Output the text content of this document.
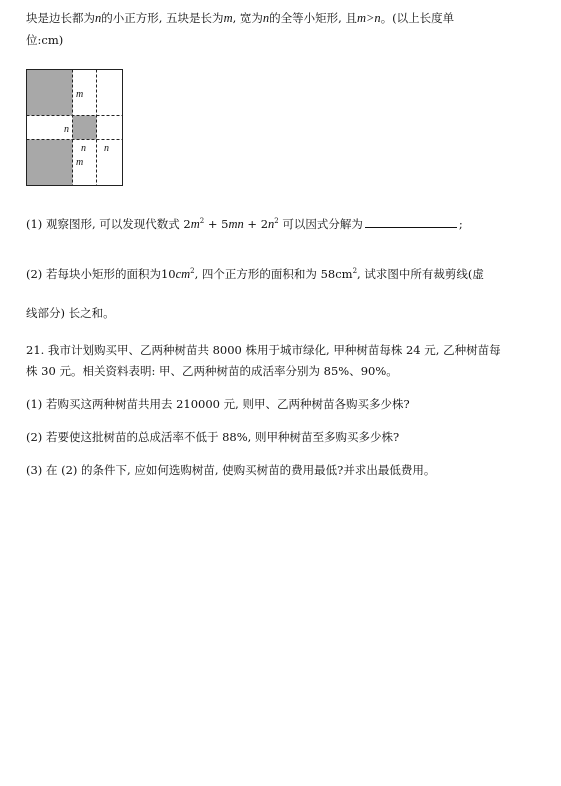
块是边长都为n的小正方形, 五块是长为m, 宽为n的全等小矩形, 且m>n。(以上长度单
位:cm)
m
n
n n
m
(1) 观察图形, 可以发现代数式 $2m^2 + 5mn + 2n^2$ 可以因式分解为	;
(2) 若每块小矩形的面积为$10cm^2$, 四个正方形的面积和为 $58cm^2$, 试求图中所有裁剪线(虚
线部分) 长之和。
21. 我市计划购买甲、乙两种树苗共 8000 株用于城市绿化, 甲种树苗每株 24 元, 乙种树苗每
株 30 元。相关资料表明: 甲、乙两种树苗的成活率分别为 85%、90%。
(1) 若购买这两种树苗共用去 210000 元, 则甲、乙两种树苗各购买多少株?
(2) 若要使这批树苗的总成活率不低于 88%, 则甲种树苗至多购买多少株?
(3) 在 (2) 的条件下, 应如何选购树苗, 使购买树苗的费用最低?并求出最低费用。
